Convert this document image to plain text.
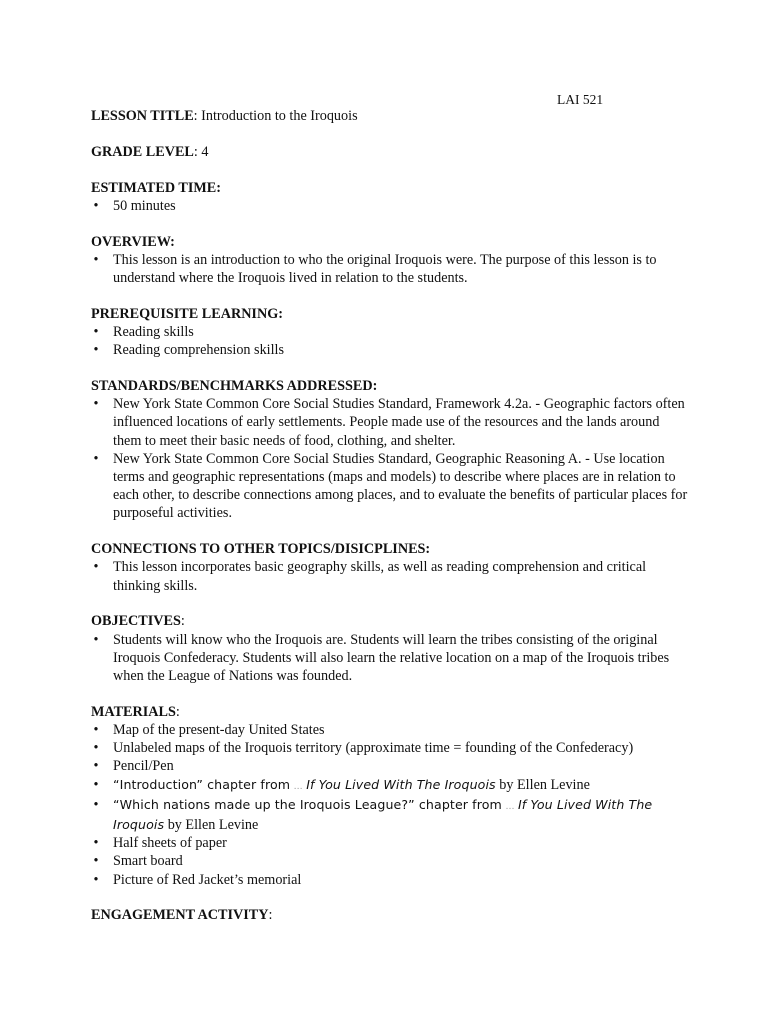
LAI 521

LESSON TITLE: Introduction to the Iroquois

GRADE LEVEL: 4

ESTIMATED TIME:

• 50 minutes

OVERVIEW:

• This lesson is an introduction to who the original Iroquois were. The purpose of this lesson is to understand where the Iroquois lived in relation to the students.

PREREQUISITE LEARNING:

• Reading skills
• Reading comprehension skills

STANDARDS/BENCHMARKS ADDRESSED:

• New York State Common Core Social Studies Standard, Framework 4.2a. - Geographic factors often influenced locations of early settlements. People made use of the resources and the lands around them to meet their basic needs of food, clothing, and shelter.
• New York State Common Core Social Studies Standard, Geographic Reasoning A. - Use location terms and geographic representations (maps and models) to describe where places are in relation to each other, to describe connections among places, and to evaluate the benefits of particular places for purposeful activities.

CONNECTIONS TO OTHER TOPICS/DISICPLINES:

• This lesson incorporates basic geography skills, as well as reading comprehension and critical thinking skills.

OBJECTIVES:

• Students will know who the Iroquois are. Students will learn the tribes consisting of the original Iroquois Confederacy. Students will also learn the relative location on a map of the Iroquois tribes when the League of Nations was founded.

MATERIALS:

• Map of the present-day United States
• Unlabeled maps of the Iroquois territory (approximate time = founding of the Confederacy)
• Pencil/Pen
• “Introduction” chapter from … If You Lived With The Iroquois by Ellen Levine
• “Which nations made up the Iroquois League?” chapter from … If You Lived With The Iroquois by Ellen Levine
• Half sheets of paper
• Smart board
• Picture of Red Jacket’s memorial

ENGAGEMENT ACTIVITY:
